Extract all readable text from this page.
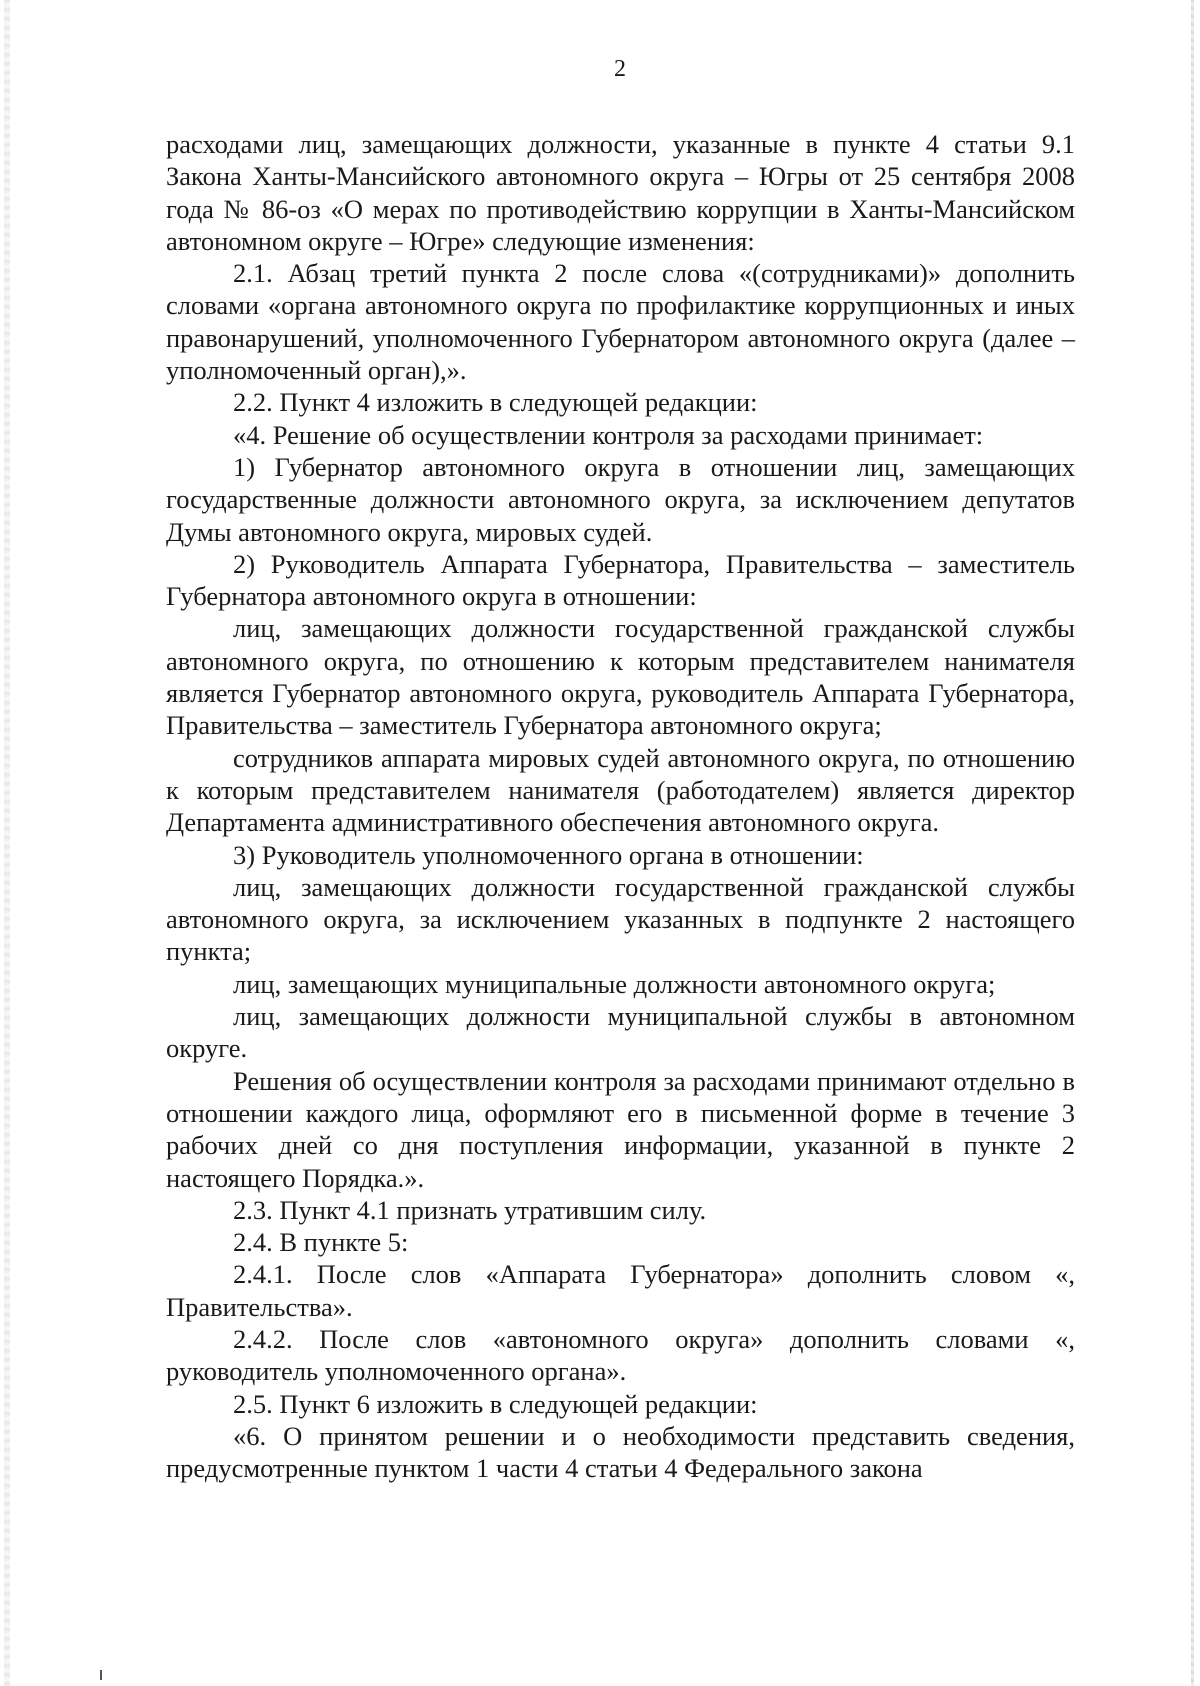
2

расходами лиц, замещающих должности, указанные в пункте 4 статьи 9.1 Закона Ханты-Мансийского автономного округа – Югры от 25 сентября 2008 года № 86-оз «О мерах по противодействию коррупции в Ханты-Мансийском автономном округе – Югре» следующие изменения:

2.1. Абзац третий пункта 2 после слова «(сотрудниками)» дополнить словами «органа автономного округа по профилактике коррупционных и иных правонарушений, уполномоченного Губернатором автономного округа (далее – уполномоченный орган),».

2.2. Пункт 4 изложить в следующей редакции:

«4. Решение об осуществлении контроля за расходами принимает:

1) Губернатор автономного округа в отношении лиц, замещающих государственные должности автономного округа, за исключением депутатов Думы автономного округа, мировых судей.

2) Руководитель Аппарата Губернатора, Правительства – заместитель Губернатора автономного округа в отношении:

лиц, замещающих должности государственной гражданской службы автономного округа, по отношению к которым представителем нанимателя является Губернатор автономного округа, руководитель Аппарата Губернатора, Правительства – заместитель Губернатора автономного округа;

сотрудников аппарата мировых судей автономного округа, по отношению к которым представителем нанимателя (работодателем) является директор Департамента административного обеспечения автономного округа.

3) Руководитель уполномоченного органа в отношении:

лиц, замещающих должности государственной гражданской службы автономного округа, за исключением указанных в подпункте 2 настоящего пункта;

лиц, замещающих муниципальные должности автономного округа;

лиц, замещающих должности муниципальной службы в автономном округе.

Решения об осуществлении контроля за расходами принимают отдельно в отношении каждого лица, оформляют его в письменной форме в течение 3 рабочих дней со дня поступления информации, указанной в пункте 2 настоящего Порядка.».

2.3. Пункт 4.1 признать утратившим силу.

2.4. В пункте 5:

2.4.1. После слов «Аппарата Губернатора» дополнить словом «, Правительства».

2.4.2. После слов «автономного округа» дополнить словами «, руководитель уполномоченного органа».

2.5. Пункт 6 изложить в следующей редакции:

«6. О принятом решении и о необходимости представить сведения, предусмотренные пунктом 1 части 4 статьи 4 Федерального закона
